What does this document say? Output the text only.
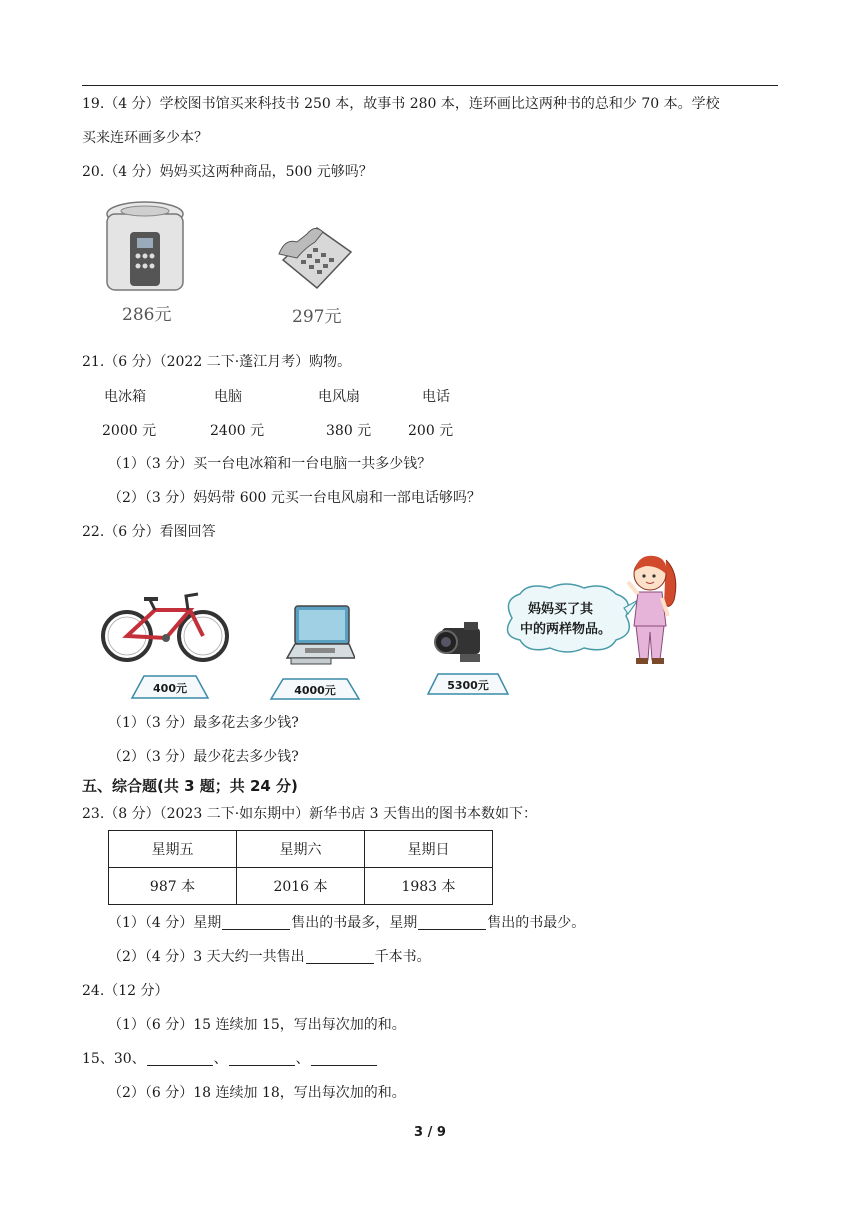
19.（4 分）学校图书馆买来科技书 250 本，故事书 280 本，连环画比这两种书的总和少 70 本。学校
买来连环画多少本？
20.（4 分）妈妈买这两种商品，500 元够吗？
286元	297元
21.（6 分）（2022 二下·蓬江月考）购物。
电冰箱	电脑	电风扇	电话
2000 元	2400 元	380 元	200 元
（1）（3 分）买一台电冰箱和一台电脑一共多少钱？
（2）（3 分）妈妈带 600 元买一台电风扇和一部电话够吗？
22.（6 分）看图回答
400元	4000元	5300元
妈妈买了其
中的两样物品。
（1）（3 分）最多花去多少钱?
（2）（3 分）最少花去多少钱?
五、综合题(共 3 题；共 24 分)
23.（8 分）（2023 二下·如东期中）新华书店 3 天售出的图书本数如下：
星期五	星期六	星期日
987 本	2016 本	1983 本
（1）（4 分）星期	售出的书最多，星期	售出的书最少。
（2）（4 分）3 天大约一共售出	千本书。
24.（12 分）
（1）（6 分）15 连续加 15，写出每次加的和。
15、30、	、	、
（2）（6 分）18 连续加 18，写出每次加的和。
3 / 9
